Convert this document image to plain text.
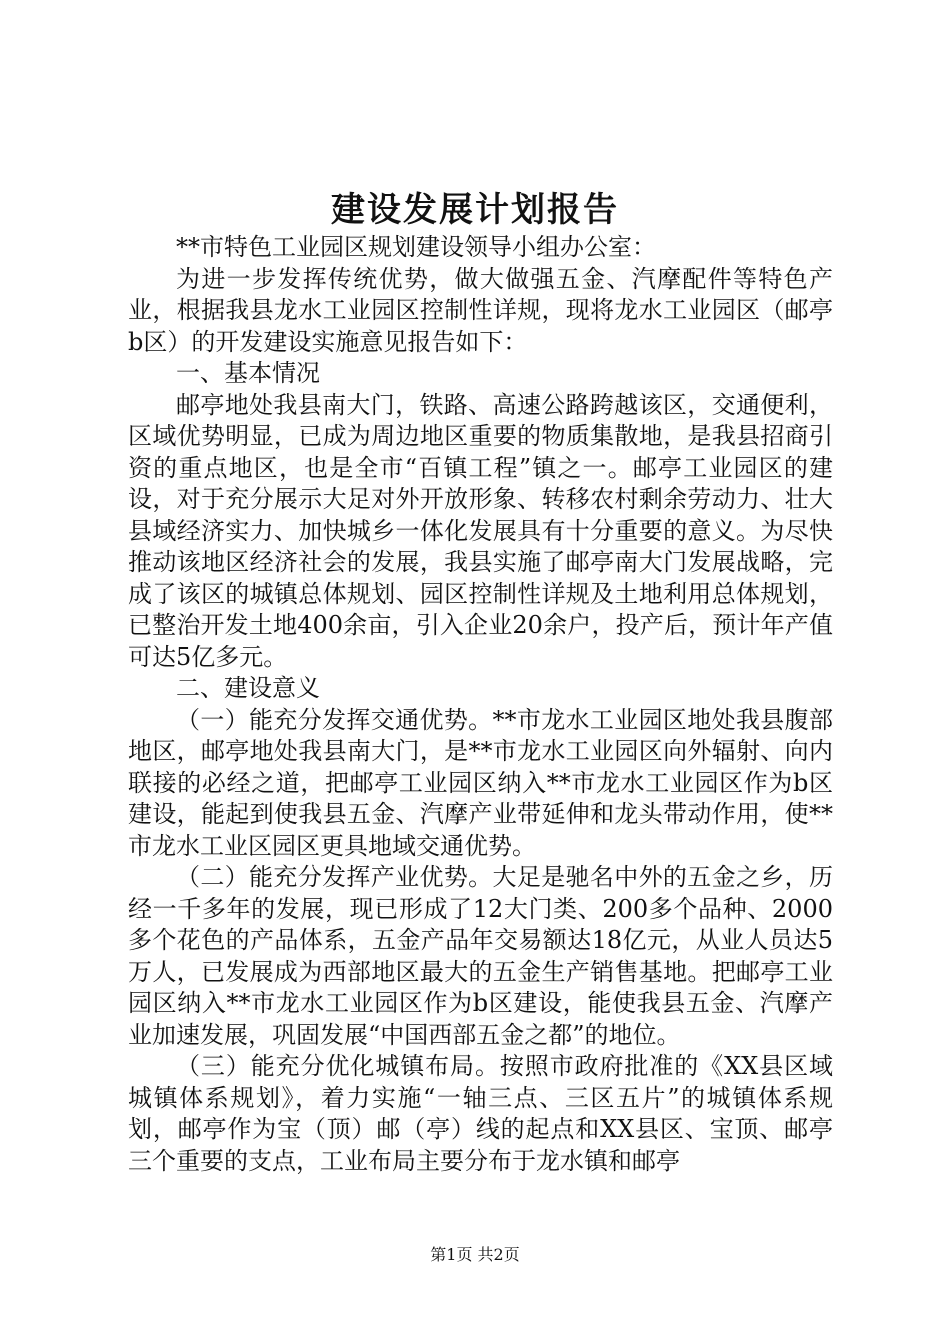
建设发展计划报告

**市特色工业园区规划建设领导小组办公室：

为进一步发挥传统优势，做大做强五金、汽摩配件等特色产业，根据我县龙水工业园区控制性详规，现将龙水工业园区（邮亭b区）的开发建设实施意见报告如下：

一、基本情况

邮亭地处我县南大门，铁路、高速公路跨越该区，交通便利，区域优势明显，已成为周边地区重要的物质集散地，是我县招商引资的重点地区，也是全市“百镇工程”镇之一。邮亭工业园区的建设，对于充分展示大足对外开放形象、转移农村剩余劳动力、壮大县域经济实力、加快城乡一体化发展具有十分重要的意义。为尽快推动该地区经济社会的发展，我县实施了邮亭南大门发展战略，完成了该区的城镇总体规划、园区控制性详规及土地利用总体规划，已整治开发土地400余亩，引入企业20余户，投产后，预计年产值可达5亿多元。

二、建设意义

（一）能充分发挥交通优势。**市龙水工业园区地处我县腹部地区，邮亭地处我县南大门，是**市龙水工业园区向外辐射、向内联接的必经之道，把邮亭工业园区纳入**市龙水工业园区作为b区建设，能起到使我县五金、汽摩产业带延伸和龙头带动作用，使**市龙水工业区园区更具地域交通优势。

（二）能充分发挥产业优势。大足是驰名中外的五金之乡，历经一千多年的发展，现已形成了12大门类、200多个品种、2000多个花色的产品体系，五金产品年交易额达18亿元，从业人员达5万人，已发展成为西部地区最大的五金生产销售基地。把邮亭工业园区纳入**市龙水工业园区作为b区建设，能使我县五金、汽摩产业加速发展，巩固发展“中国西部五金之都”的地位。

（三）能充分优化城镇布局。按照市政府批准的《XX县区域城镇体系规划》，着力实施“一轴三点、三区五片”的城镇体系规划，邮亭作为宝（顶）邮（亭）线的起点和XX县区、宝顶、邮亭三个重要的支点，工业布局主要分布于龙水镇和邮亭

第1页 共2页
